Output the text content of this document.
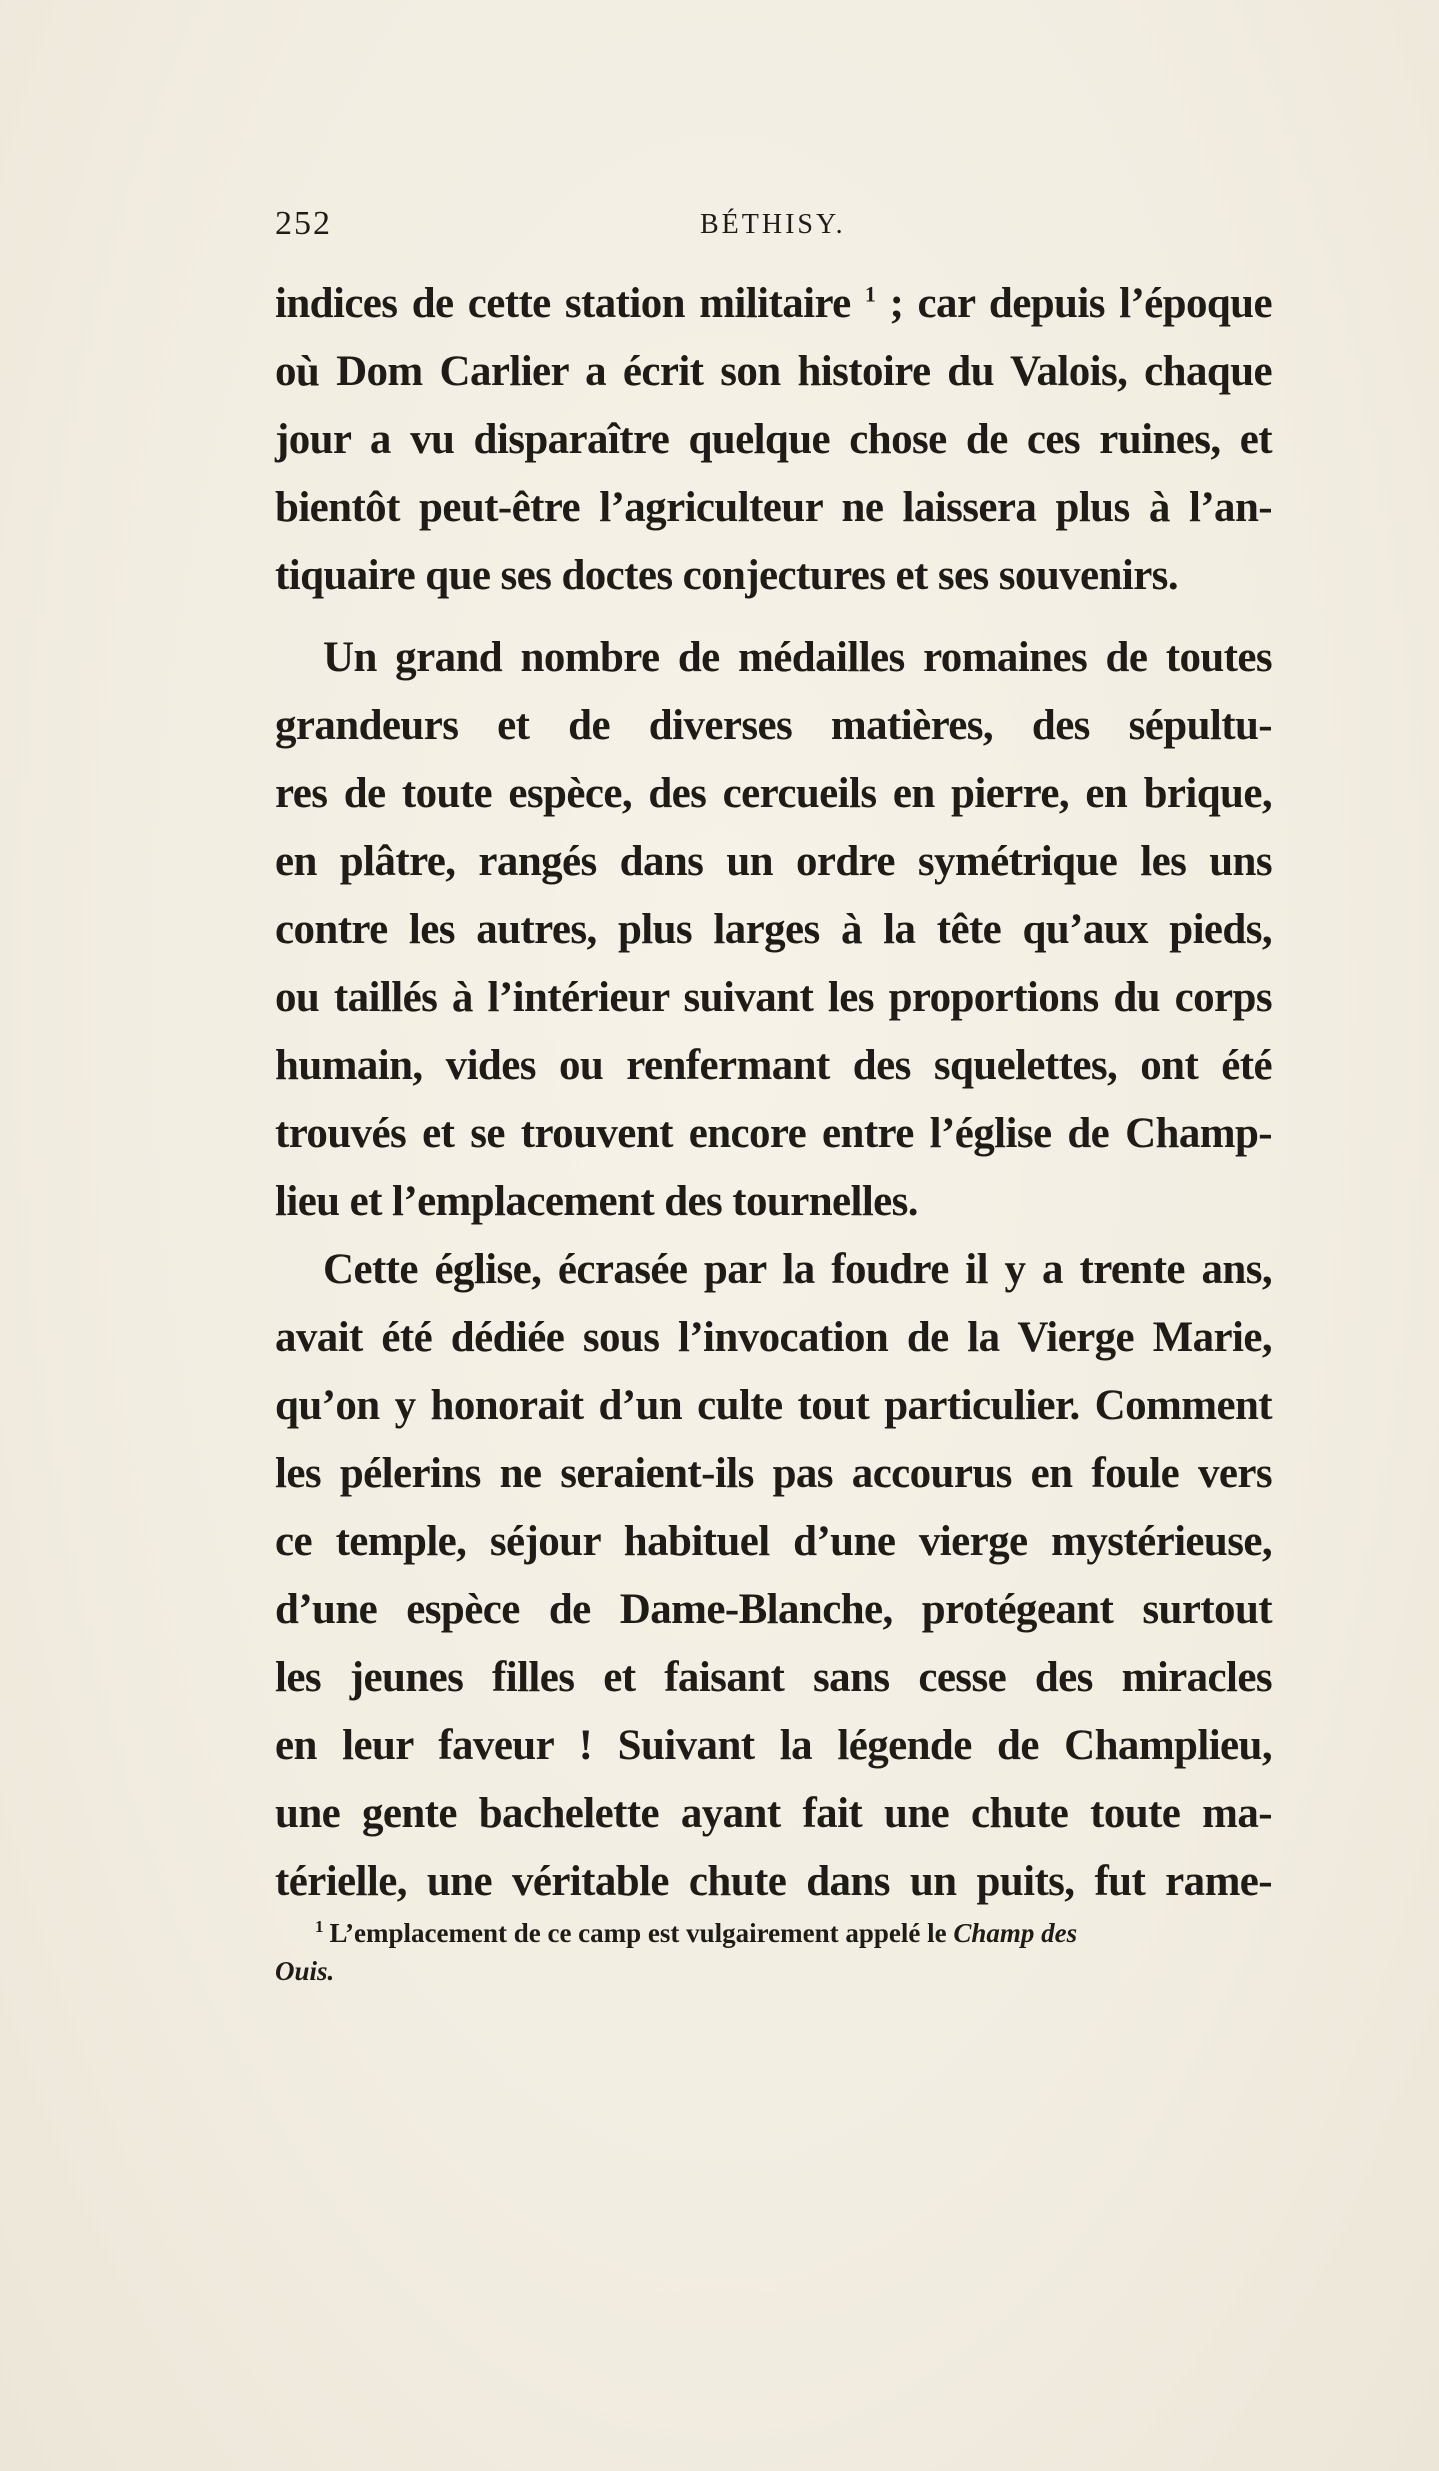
252	BÉTHISY.
indices de cette station militaire $^1$ ; car depuis l’époque
où Dom Carlier a écrit son histoire du Valois, chaque
jour a vu disparaître quelque chose de ces ruines, et
bientôt peut-être l’agriculteur ne laissera plus à l’an-
tiquaire que ses doctes conjectures et ses souvenirs.
Un grand nombre de médailles romaines de toutes
grandeurs et de diverses matières, des sépultu-
res de toute espèce, des cercueils en pierre, en brique,
en plâtre, rangés dans un ordre symétrique les uns
contre les autres, plus larges à la tête qu’aux pieds,
ou taillés à l’intérieur suivant les proportions du corps
humain, vides ou renfermant des squelettes, ont été
trouvés et se trouvent encore entre l’église de Champ-
lieu et l’emplacement des tournelles.
Cette église, écrasée par la foudre il y a trente ans,
avait été dédiée sous l’invocation de la Vierge Marie,
qu’on y honorait d’un culte tout particulier. Comment
les pélerins ne seraient-ils pas accourus en foule vers
ce temple, séjour habituel d’une vierge mystérieuse,
d’une espèce de Dame-Blanche, protégeant surtout
les jeunes filles et faisant sans cesse des miracles
en leur faveur ! Suivant la légende de Champlieu,
une gente bachelette ayant fait une chute toute ma-
térielle, une véritable chute dans un puits, fut rame-
$^1$ L’emplacement de ce camp est vulgairement appelé le Champ des
Ouis.
